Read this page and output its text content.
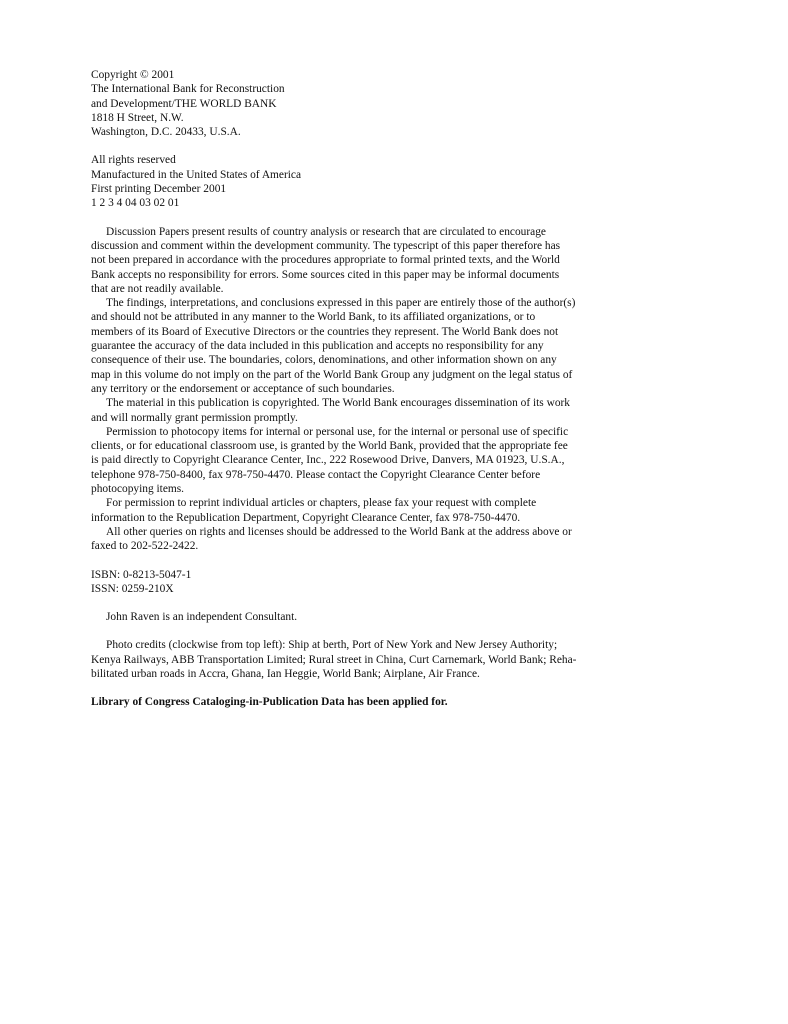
Copyright © 2001
The International Bank for Reconstruction
and Development/THE WORLD BANK
1818 H Street, N.W.
Washington, D.C. 20433, U.S.A.
All rights reserved
Manufactured in the United States of America
First printing December 2001
1 2 3 4 04 03 02 01
Discussion Papers present results of country analysis or research that are circulated to encourage
discussion and comment within the development community. The typescript of this paper therefore has
not been prepared in accordance with the procedures appropriate to formal printed texts, and the World
Bank accepts no responsibility for errors. Some sources cited in this paper may be informal documents
that are not readily available.
The findings, interpretations, and conclusions expressed in this paper are entirely those of the author(s)
and should not be attributed in any manner to the World Bank, to its affiliated organizations, or to
members of its Board of Executive Directors or the countries they represent. The World Bank does not
guarantee the accuracy of the data included in this publication and accepts no responsibility for any
consequence of their use. The boundaries, colors, denominations, and other information shown on any
map in this volume do not imply on the part of the World Bank Group any judgment on the legal status of
any territory or the endorsement or acceptance of such boundaries.
The material in this publication is copyrighted. The World Bank encourages dissemination of its work
and will normally grant permission promptly.
Permission to photocopy items for internal or personal use, for the internal or personal use of specific
clients, or for educational classroom use, is granted by the World Bank, provided that the appropriate fee
is paid directly to Copyright Clearance Center, Inc., 222 Rosewood Drive, Danvers, MA 01923, U.S.A.,
telephone 978-750-8400, fax 978-750-4470. Please contact the Copyright Clearance Center before
photocopying items.
For permission to reprint individual articles or chapters, please fax your request with complete
information to the Republication Department, Copyright Clearance Center, fax 978-750-4470.
All other queries on rights and licenses should be addressed to the World Bank at the address above or
faxed to 202-522-2422.
ISBN: 0-8213-5047-1
ISSN: 0259-210X
John Raven is an independent Consultant.
Photo credits (clockwise from top left): Ship at berth, Port of New York and New Jersey Authority;
Kenya Railways, ABB Transportation Limited; Rural street in China, Curt Carnemark, World Bank; Reha-
bilitated urban roads in Accra, Ghana, Ian Heggie, World Bank; Airplane, Air France.
Library of Congress Cataloging-in-Publication Data has been applied for.
